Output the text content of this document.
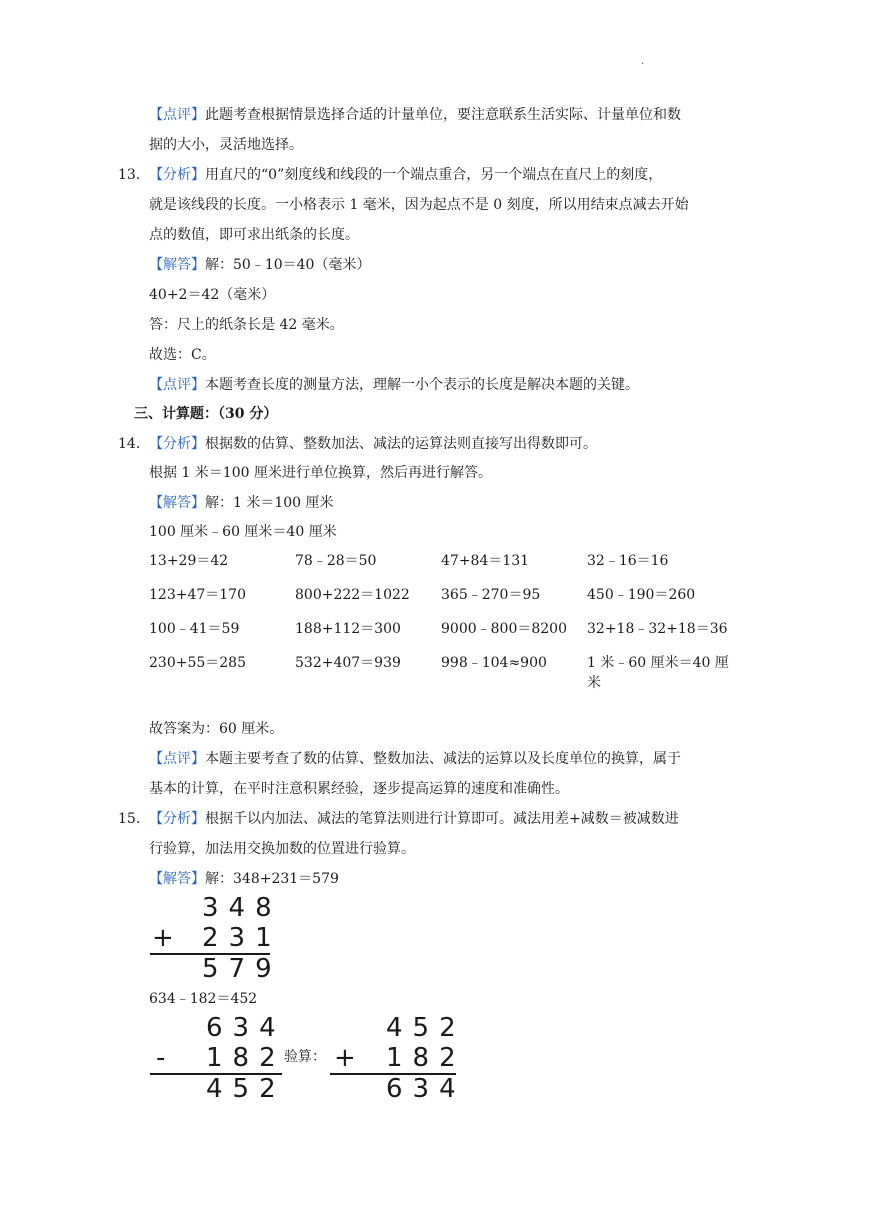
.
【点评】此题考查根据情景选择合适的计量单位，要注意联系生活实际、计量单位和数
据的大小，灵活地选择。
13. 【分析】用直尺的“0”刻度线和线段的一个端点重合，另一个端点在直尺上的刻度，
就是该线段的长度。一小格表示 1 毫米，因为起点不是 0 刻度，所以用结束点减去开始
点的数值，即可求出纸条的长度。
【解答】解：50﹣10＝40（毫米）
40+2＝42（毫米）
答：尺上的纸条长是 42 毫米。
故选：C。
【点评】本题考查长度的测量方法，理解一小个表示的长度是解决本题的关键。
三、计算题：（30 分）
14. 【分析】根据数的估算、整数加法、减法的运算法则直接写出得数即可。
根据 1 米＝100 厘米进行单位换算，然后再进行解答。
【解答】解：1 米＝100 厘米
100 厘米﹣60 厘米＝40 厘米
13+29＝42	78﹣28＝50	47+84＝131	32﹣16＝16
123+47＝170	800+222＝1022	365﹣270＝95	450﹣190＝260
100﹣41＝59	188+112＝300	9000﹣800＝8200	32+18﹣32+18＝36
230+55＝285	532+407＝939	998﹣104≈900	1 米﹣60 厘米＝40 厘
米
故答案为：60 厘米。
【点评】本题主要考查了数的估算、整数加法、减法的运算以及长度单位的换算，属于
基本的计算，在平时注意积累经验，逐步提高运算的速度和准确性。
15. 【分析】根据千以内加法、减法的笔算法则进行计算即可。减法用差+减数＝被减数进
行验算，加法用交换加数的位置进行验算。
【解答】解：348+231＝579
348
+ 231
579
634﹣182＝452
634
- 182
452
验算：
452
+ 182
634
